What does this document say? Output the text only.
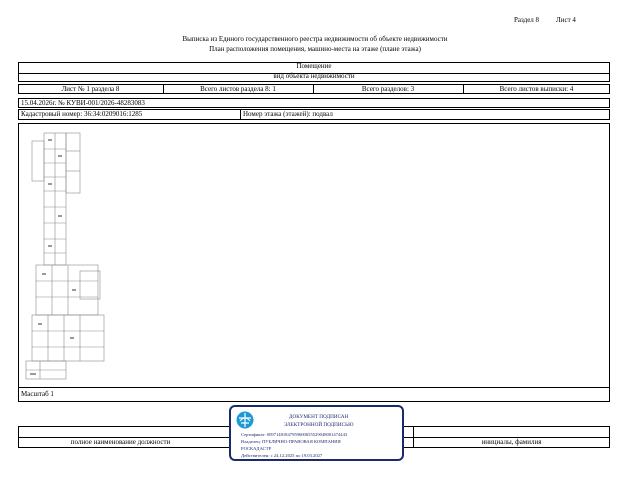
Раздел 8 Лист 4
Выписка из Единого государственного реестра недвижимости об объекте недвижимости
План расположения помещения, машино-места на этаже (плане этажа)
Помещение
вид объекта недвижимости
Лист № 1 раздела 8	Всего листов раздела 8: 1	Всего разделов: 3	Всего листов выписки: 4
15.04.2026г. № КУВИ-001/2026-48283083
Кадастровый номер: 36:34:0209016:1285	Номер этажа (этажей): подвал
Масштаб 1
полное наименование должности	инициалы, фамилия
ДОКУМЕНТ ПОДПИСАН
ЭЛЕКТРОННОЙ ПОДПИСЬЮ
Сертификат: 00971481847959600655529048001474443
Владелец: ПУБЛИЧНО-ПРАВОВАЯ КОМПАНИЯ
РОСКАДАСТР
Действителен: с 24.12.2025 по 19.03.2027
